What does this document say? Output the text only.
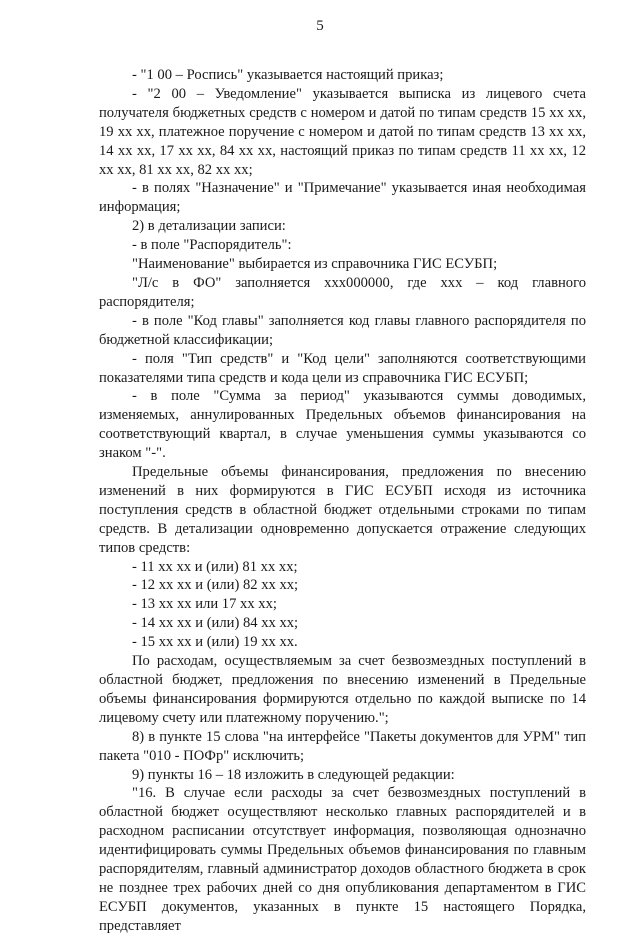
5

- "1 00 – Роспись" указывается настоящий приказ;

- "2 00 – Уведомление" указывается выписка из лицевого счета получателя бюджетных средств с номером и датой по типам средств 15 хх хх, 19 хх хх, платежное поручение с номером и датой по типам средств 13 хх хх, 14 хх хх, 17 хх хх, 84 хх хх, настоящий приказ по типам средств 11 хх хх, 12 хх хх, 81 хх хх, 82 хх хх;

- в полях "Назначение" и "Примечание" указывается иная необходимая информация;

2) в детализации записи:

- в поле "Распорядитель":

"Наименование" выбирается из справочника ГИС ЕСУБП;

"Л/с в ФО" заполняется ххх000000, где ххх – код главного распорядителя;

- в поле "Код главы" заполняется код главы главного распорядителя по бюджетной классификации;

- поля "Тип средств" и "Код цели" заполняются соответствующими показателями типа средств и кода цели из справочника ГИС ЕСУБП;

- в поле "Сумма за период" указываются суммы доводимых, изменяемых, аннулированных Предельных объемов финансирования на соответствующий квартал, в случае уменьшения суммы указываются со знаком "-".

Предельные объемы финансирования, предложения по внесению изменений в них формируются в ГИС ЕСУБП исходя из источника поступления средств в областной бюджет отдельными строками по типам средств. В детализации одновременно допускается отражение следующих типов средств:

- 11 хх хх и (или) 81 хх хх;

- 12 хх хх и (или) 82 хх хх;

- 13 хх хх или 17 хх хх;

- 14 хх хх и (или) 84 хх хх;

- 15 хх хх и (или) 19 хх хх.

По расходам, осуществляемым за счет безвозмездных поступлений в областной бюджет, предложения по внесению изменений в Предельные объемы финансирования формируются отдельно по каждой выписке по 14 лицевому счету или платежному поручению.";

8) в пункте 15 слова "на интерфейсе "Пакеты документов для УРМ" тип пакета "010 - ПОФр" исключить;

9) пункты 16 – 18 изложить в следующей редакции:

"16. В случае если расходы за счет безвозмездных поступлений в областной бюджет осуществляют несколько главных распорядителей и в расходном расписании отсутствует информация, позволяющая однозначно идентифицировать суммы Предельных объемов финансирования по главным распорядителям, главный администратор доходов областного бюджета в срок не позднее трех рабочих дней со дня опубликования департаментом в ГИС ЕСУБП документов, указанных в пункте 15 настоящего Порядка, представляет
